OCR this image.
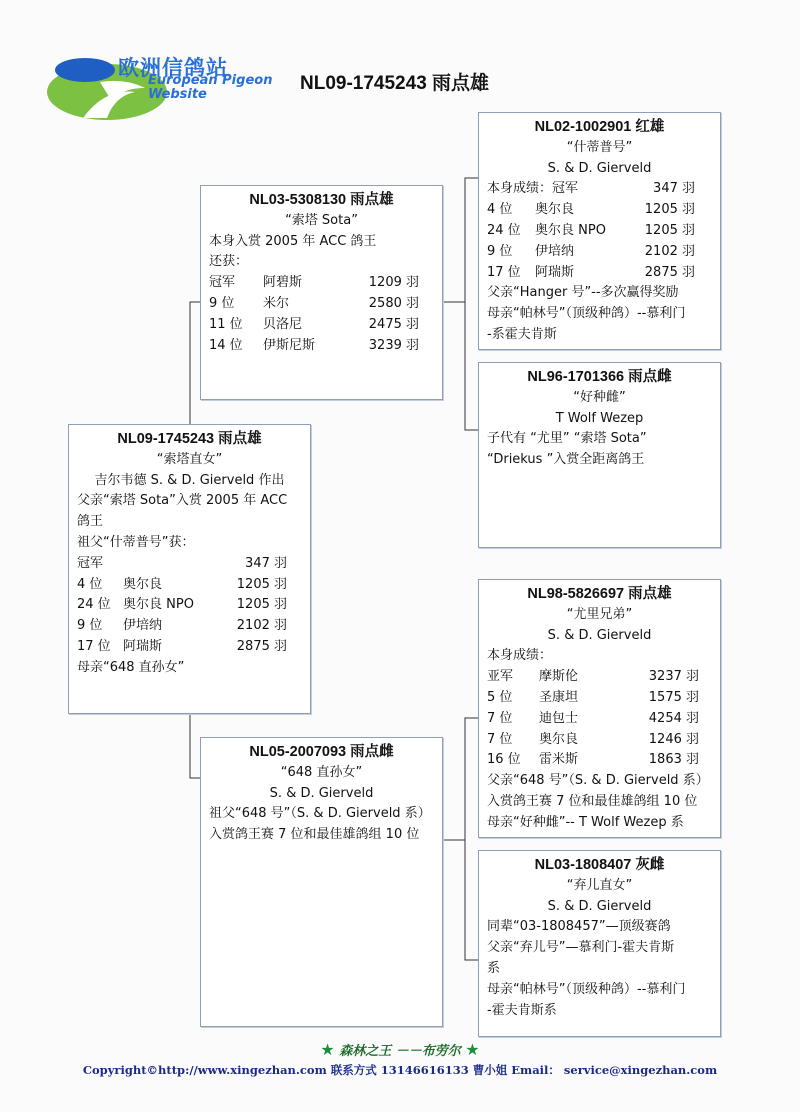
欧洲信鸽站
European Pigeon
Website
NL09-1745243 雨点雄
NL09-1745243 雨点雄
“索塔直女”
吉尔韦德 S. & D. Gierveld 作出
父亲“索塔 Sota”入赏 2005 年 ACC
鸽王
祖父“什蒂普号”获：
冠军	347 羽
4 位	奥尔良	1205 羽
24 位 奥尔良 NPO	1205 羽
9 位	伊培纳	2102 羽
17 位 阿瑞斯	2875 羽
母亲“648 直孙女”
NL03-5308130 雨点雄
“索塔 Sota”
本身入赏 2005 年 ACC 鸽王
还获：
冠军	阿碧斯	1209 羽
9 位	米尔	2580 羽
11 位	贝洛尼	2475 羽
14 位	伊斯尼斯	3239 羽
NL05-2007093 雨点雌
“648 直孙女”
S. & D. Gierveld
祖父“648 号”（S. & D. Gierveld 系）
入赏鸽王赛 7 位和最佳雄鸽组 10 位
NL02-1002901 红雄
“什蒂普号”
S. & D. Gierveld
本身成绩：冠军	347 羽
4 位	奥尔良	1205 羽
24 位	奥尔良 NPO	1205 羽
9 位	伊培纳	2102 羽
17 位	阿瑞斯	2875 羽
父亲“Hanger 号”--多次赢得奖励
母亲“帕林号”（顶级种鸽）--慕利门
-系霍夫肯斯
NL96-1701366 雨点雌
“好种雌”
T Wolf Wezep
子代有 “尤里” “索塔 Sota”
“Driekus ”入赏全距离鸽王
NL98-5826697 雨点雄
“尤里兄弟”
S. & D. Gierveld
本身成绩：
亚军	摩斯伦	3237 羽
5 位	圣康坦	1575 羽
7 位	迪包士	4254 羽
7 位	奥尔良	1246 羽
16 位	雷米斯	1863 羽
父亲“648 号”（S. & D. Gierveld 系）
入赏鸽王赛 7 位和最佳雄鸽组 10 位
母亲“好种雌”-- T Wolf Wezep 系
NL03-1808407 灰雌
“弃儿直女”
S. & D. Gierveld
同辈“03-1808457”—顶级赛鸽
父亲“弃儿号”—慕利门-霍夫肯斯
系
母亲“帕林号”（顶级种鸽）--慕利门
-霍夫肯斯系
★ 森林之王 －－布劳尔 ★
Copyright©http://www.xingezhan.com 联系方式 13146616133 曹小姐 Email： service@xingezhan.com
